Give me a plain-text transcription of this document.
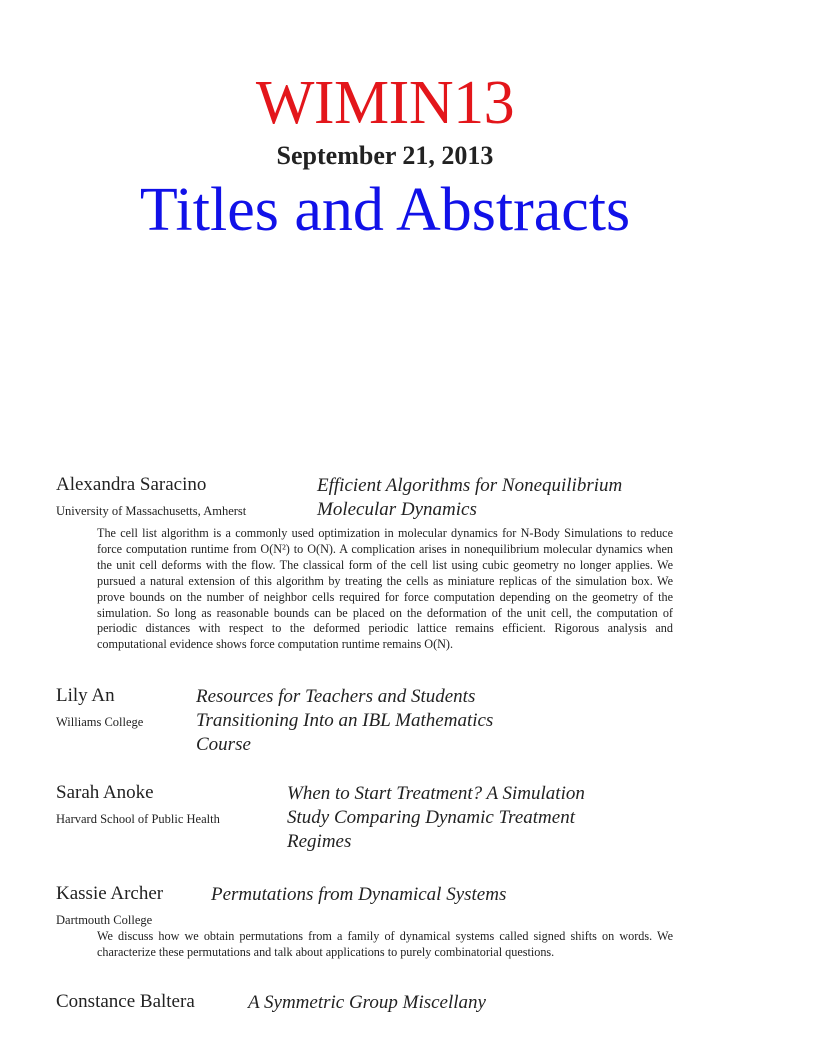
WIMIN13
September 21, 2013
Titles and Abstracts
Alexandra Saracino
University of Massachusetts, Amherst
Efficient Algorithms for Nonequilibrium
Molecular Dynamics

The cell list algorithm is a commonly used optimization in molecular dynamics for N-Body Simulations to reduce force computation runtime from O(N²) to O(N). A complication arises in nonequilibrium molecular dynamics when the unit cell deforms with the flow. The classical form of the cell list using cubic geometry no longer applies. We pursued a natural extension of this algorithm by treating the cells as miniature replicas of the simulation box. We prove bounds on the number of neighbor cells required for force computation depending on the geometry of the simulation. So long as reasonable bounds can be placed on the deformation of the unit cell, the computation of periodic distances with respect to the deformed periodic lattice remains efficient. Rigorous analysis and computational evidence shows force computation runtime remains O(N).

Lily An
Williams College
Resources for Teachers and Students
Transitioning Into an IBL Mathematics
Course
Sarah Anoke
Harvard School of Public Health
When to Start Treatment? A Simulation
Study Comparing Dynamic Treatment
Regimes
Kassie Archer
Dartmouth College
Permutations from Dynamical Systems

We discuss how we obtain permutations from a family of dynamical systems called signed shifts on words. We characterize these permutations and talk about applications to purely combinatorial questions.

Constance Baltera	A Symmetric Group Miscellany
